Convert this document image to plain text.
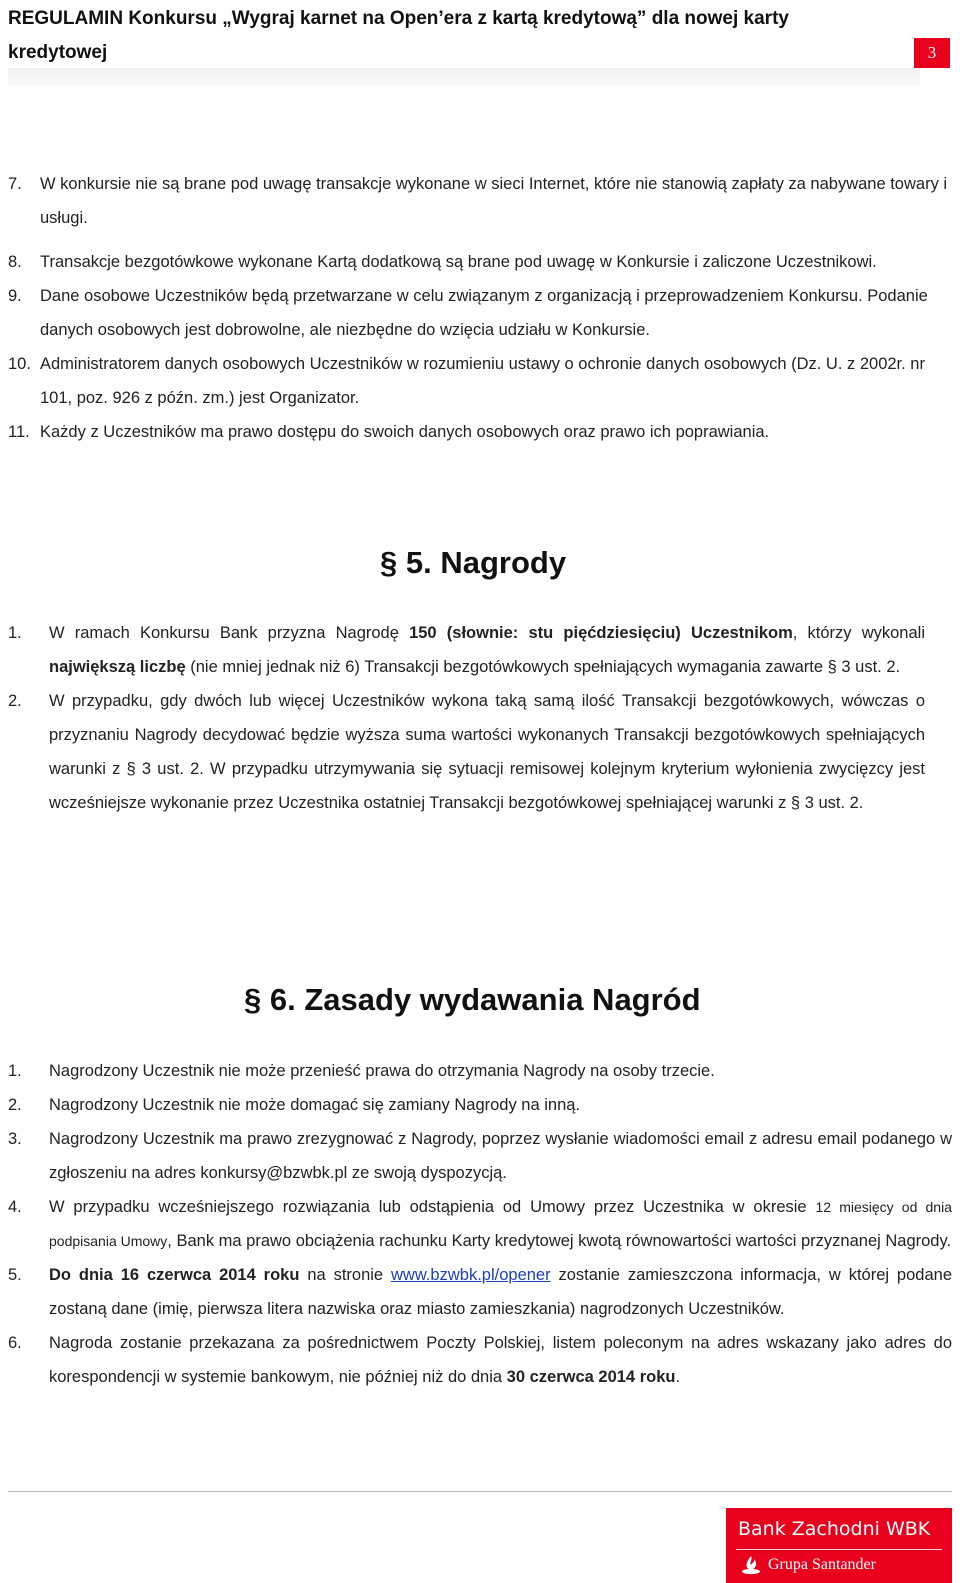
REGULAMIN Konkursu „Wygraj karnet na Open’era z kartą kredytową” dla nowej karty kredytowej	3
7. W konkursie nie są brane pod uwagę transakcje wykonane w sieci Internet, które nie stanowią zapłaty za nabywane towary i usługi.
8. Transakcje bezgotówkowe wykonane Kartą dodatkową są brane pod uwagę w Konkursie i zaliczone Uczestnikowi.
9. Dane osobowe Uczestników będą przetwarzane w celu związanym z organizacją i przeprowadzeniem Konkursu. Podanie danych osobowych jest dobrowolne, ale niezbędne do wzięcia udziału w Konkursie.
10. Administratorem danych osobowych Uczestników w rozumieniu ustawy o ochronie danych osobowych (Dz. U. z 2002r. nr 101, poz. 926 z późn. zm.) jest Organizator.
11. Każdy z Uczestników ma prawo dostępu do swoich danych osobowych oraz prawo ich poprawiania.
§ 5. Nagrody
1. W ramach Konkursu Bank przyzna Nagrodę 150 (słownie: stu pięćdziesięciu) Uczestnikom, którzy wykonali największą liczbę (nie mniej jednak niż 6) Transakcji bezgotówkowych spełniających wymagania zawarte § 3 ust. 2.
2. W przypadku, gdy dwóch lub więcej Uczestników wykona taką samą ilość Transakcji bezgotówkowych, wówczas o przyznaniu Nagrody decydować będzie wyższa suma wartości wykonanych Transakcji bezgotówkowych spełniających warunki z § 3 ust. 2. W przypadku utrzymywania się sytuacji remisowej kolejnym kryterium wyłonienia zwycięzcy jest wcześniejsze wykonanie przez Uczestnika ostatniej Transakcji bezgotówkowej spełniającej warunki z § 3 ust. 2.
§ 6. Zasady wydawania Nagród
1. Nagrodzony Uczestnik nie może przenieść prawa do otrzymania Nagrody na osoby trzecie.
2. Nagrodzony Uczestnik nie może domagać się zamiany Nagrody na inną.
3. Nagrodzony Uczestnik ma prawo zrezygnować z Nagrody, poprzez wysłanie wiadomości email z adresu email podanego w zgłoszeniu na adres konkursy@bzwbk.pl ze swoją dyspozycją.
4. W przypadku wcześniejszego rozwiązania lub odstąpienia od Umowy przez Uczestnika w okresie 12 miesięcy od dnia podpisania Umowy, Bank ma prawo obciążenia rachunku Karty kredytowej kwotą równowartości wartości przyznanej Nagrody.
5. Do dnia 16 czerwca 2014 roku na stronie www.bzwbk.pl/opener zostanie zamieszczona informacja, w której podane zostaną dane (imię, pierwsza litera nazwiska oraz miasto zamieszkania) nagrodzonych Uczestników.
6. Nagroda zostanie przekazana za pośrednictwem Poczty Polskiej, listem poleconym na adres wskazany jako adres do korespondencji w systemie bankowym, nie później niż do dnia 30 czerwca 2014 roku.
Bank Zachodni WBK
Grupa Santander
